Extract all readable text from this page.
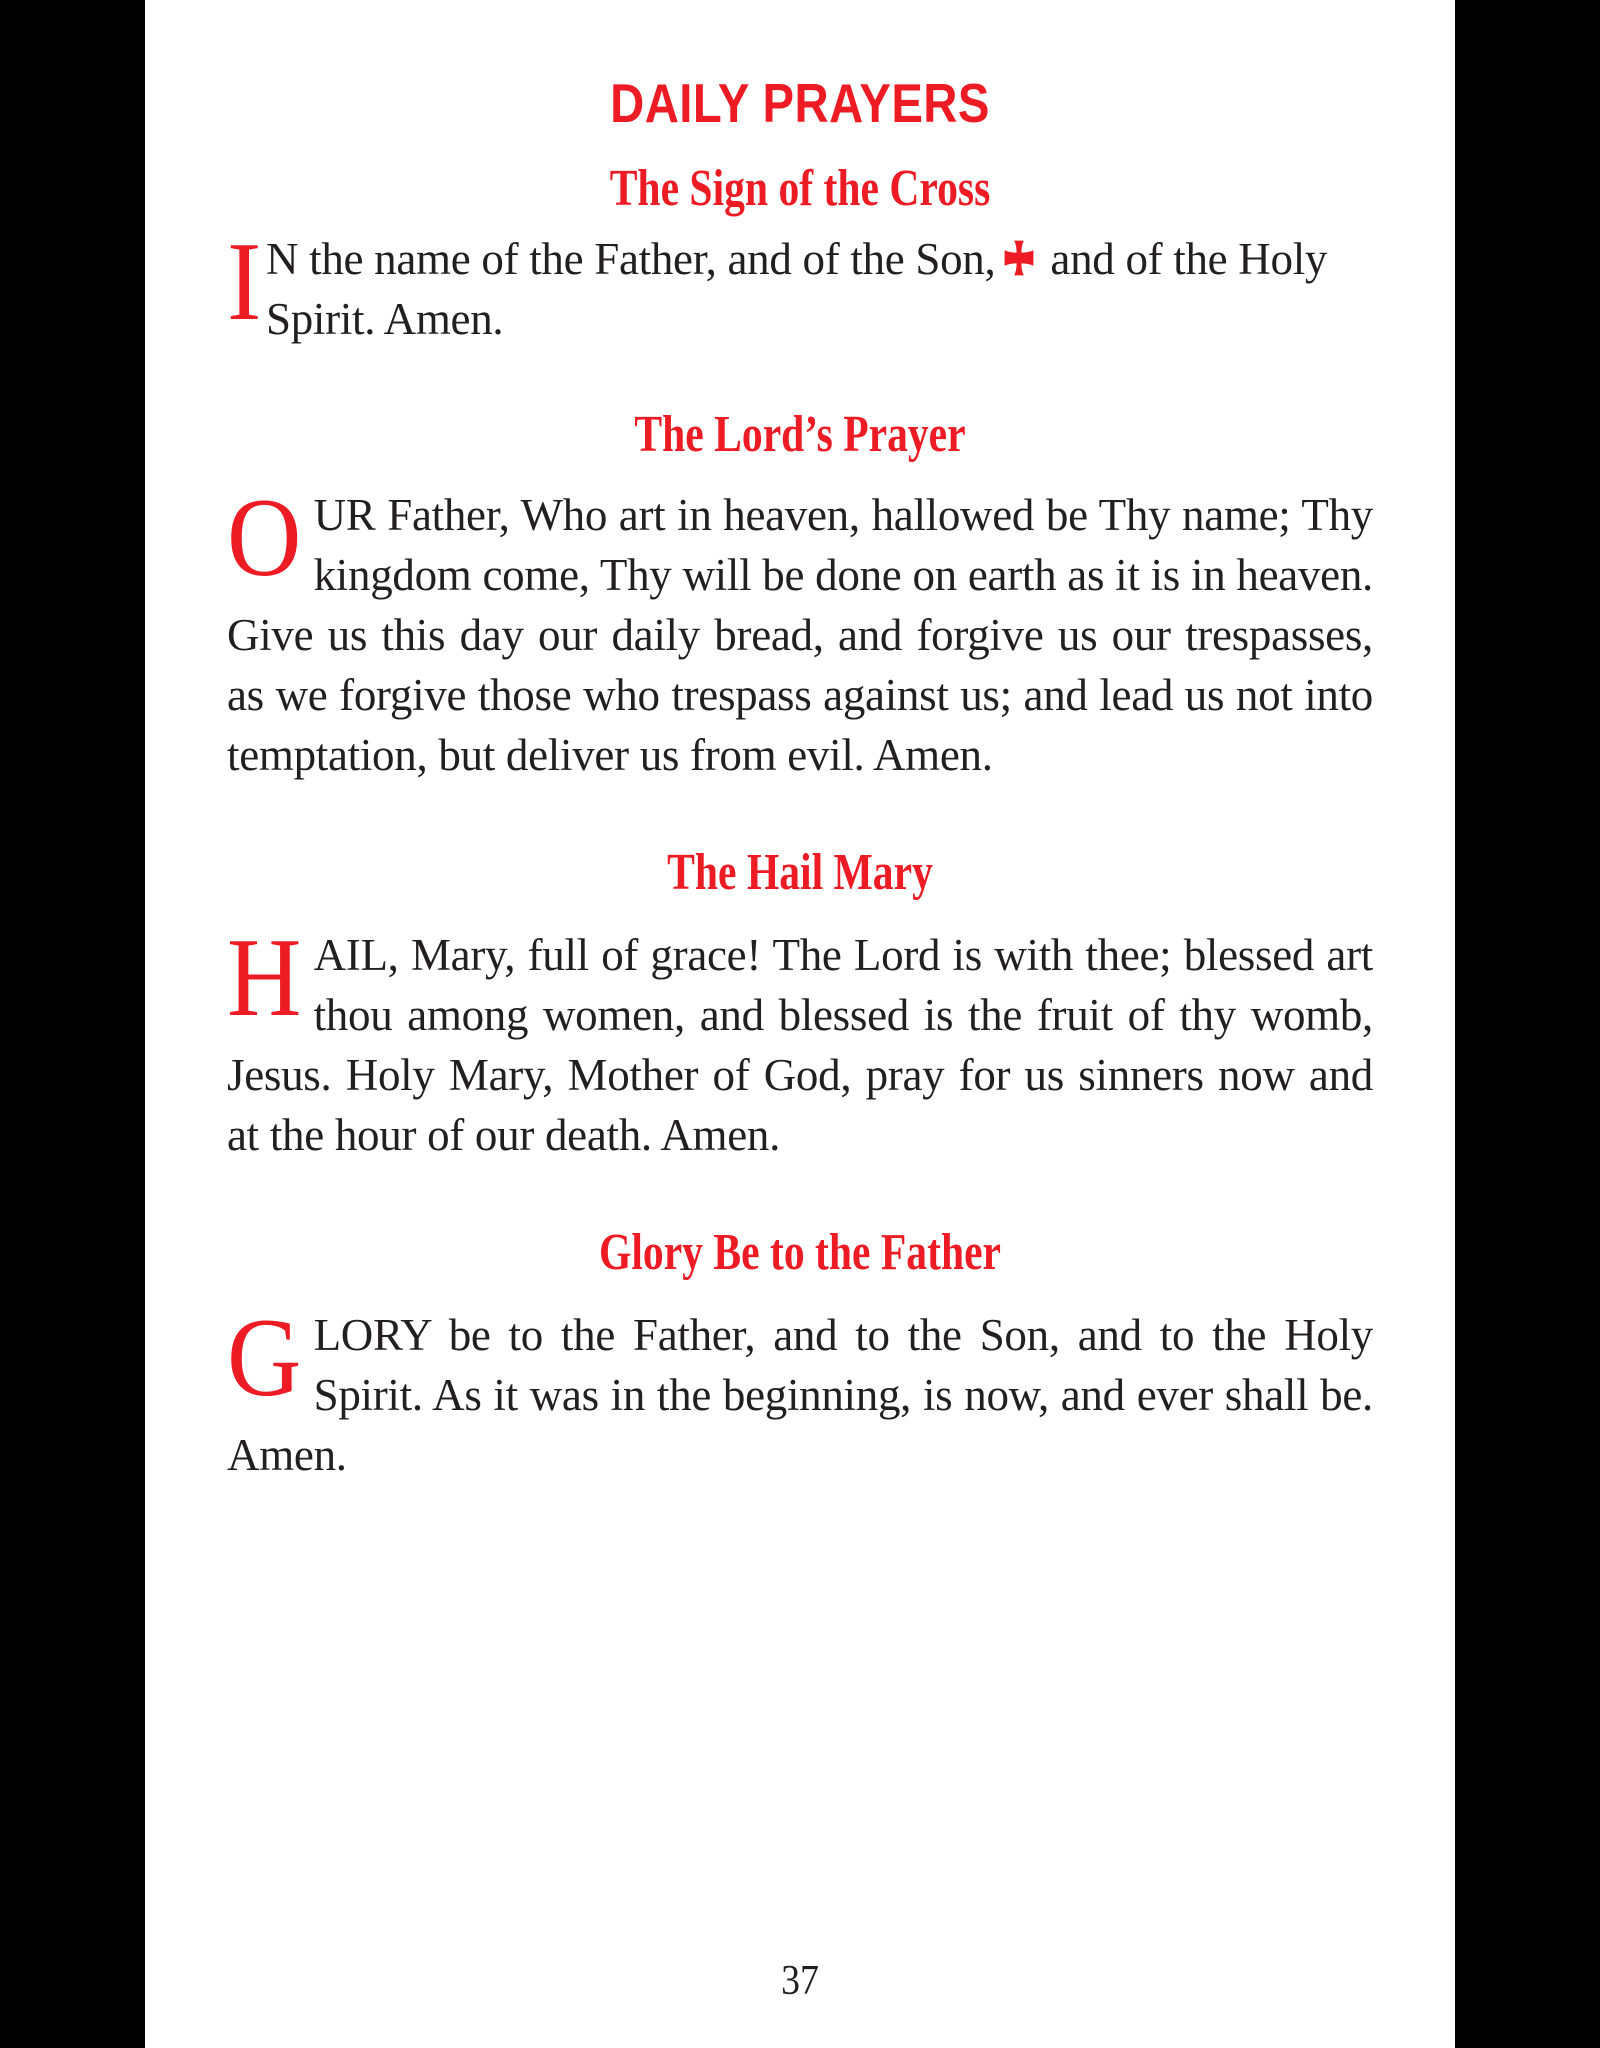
DAILY PRAYERS
The Sign of the Cross

I N the name of the Father, and of the Son,
and of the Holy Spirit. Amen.

The Lord’s Prayer

OUR Father, Who art in heaven, hallowed be Thy name; Thy kingdom come, Thy will be done on earth as it is in heaven. Give us this day our daily bread, and forgive us our trespasses, as we forgive those who trespass against us; and lead us not into temptation, but deliver us from evil. Amen.

The Hail Mary

HAIL, Mary, full of grace! The Lord is with thee; blessed art thou among women, and blessed is the fruit of thy womb, Jesus. Holy Mary, Mother of God, pray for us sinners now and at the hour of our death. Amen.

Glory Be to the Father

GLORY be to the Father, and to the Son, and to the Holy Spirit. As it was in the beginning, is now, and ever shall be. Amen.

37
